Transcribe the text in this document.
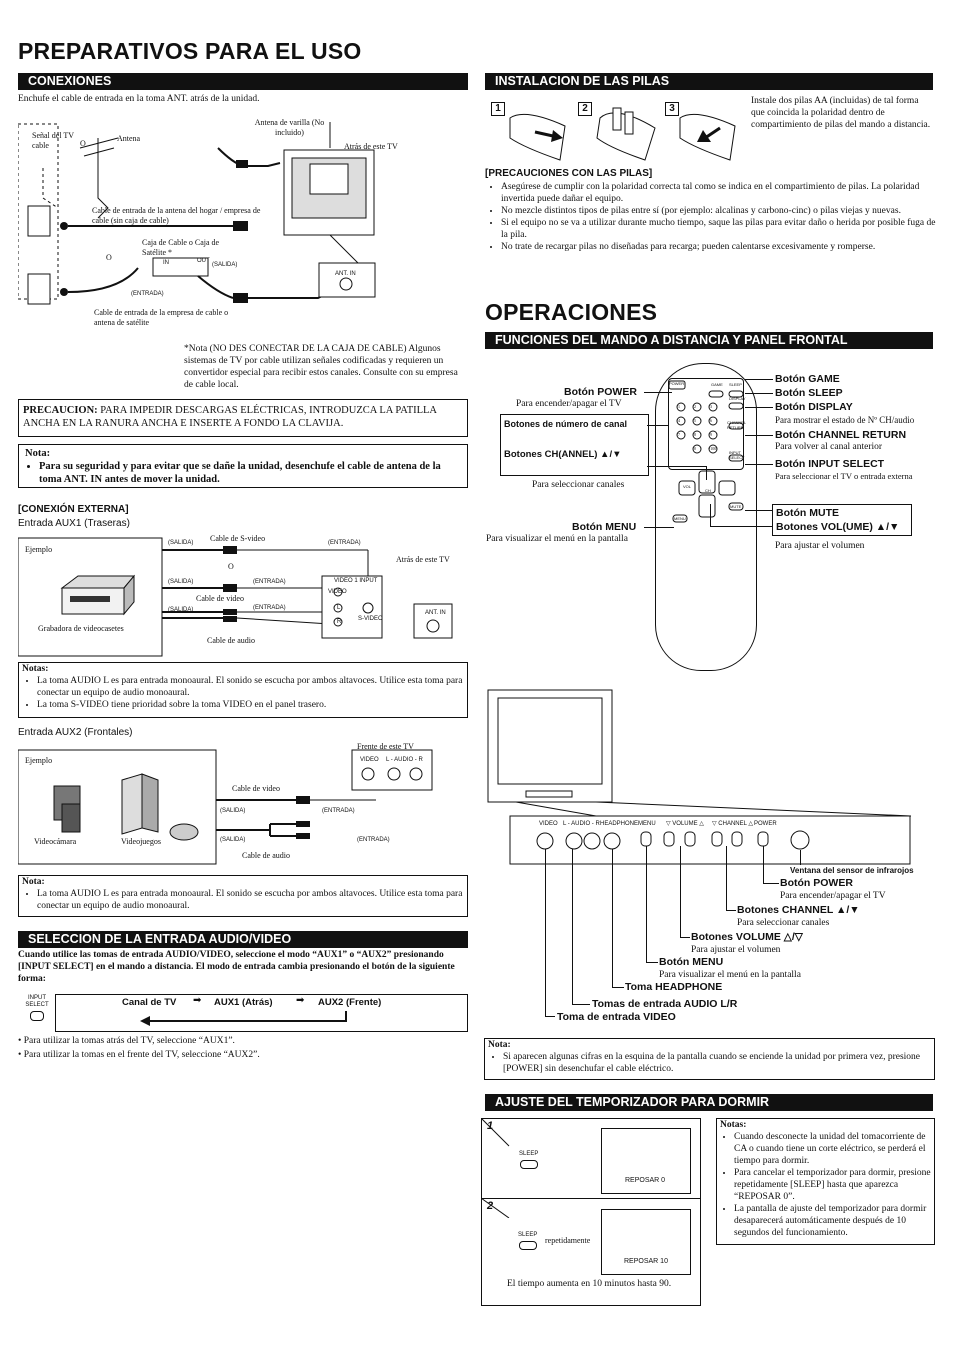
PREPARATIVOS PARA EL USO
CONEXIONES
Enchufe el cable de entrada en la toma ANT. atrás de la unidad.
Señal del TV cable	O
Antena
Antena de varilla (No incluido)
Atrás de este TV
Cable de entrada de la antena del hogar / empresa de cable (sin caja de cable)
Caja de Cable o Caja de Satélite *
O
(SALIDA)
(ENTRADA)
Cable de entrada de la empresa de cable o antena de satélite
ANT. IN
IN	OUT
*Nota (NO DES CONECTAR DE LA CAJA DE CABLE) Algunos sistemas de TV por cable utilizan señales codificadas y requieren un convertidor especial para recibir estos canales. Consulte con su empresa de cable local.
PRECAUCION: PARA IMPEDIR DESCARGAS ELÉCTRICAS, INTRODUZCA LA PATILLA ANCHA EN LA RANURA ANCHA E INSERTE A FONDO LA CLAVIJA.
Nota:
• Para su seguridad y para evitar que se dañe la unidad, desenchufe el cable de antena de la toma ANT. IN antes de mover la unidad.
[CONEXIÓN EXTERNA]
Entrada AUX1 (Traseras)
Ejemplo
Grabadora de videocasetes
(SALIDA) Cable de S-video	(ENTRADA)
Atrás de este TV
O
(SALIDA)	(ENTRADA)
Cable de video
(SALIDA)	(ENTRADA)
Cable de audio
VIDEO 1 INPUT
VIDEO
L
R	S-VIDEO
ANT. IN
Notas:
• La toma AUDIO L es para entrada monoaural. El sonido se escucha por ambos altavoces. Utilice esta toma para conectar un equipo de audio monoaural.
• La toma S-VIDEO tiene prioridad sobre la toma VIDEO en el panel trasero.
Entrada AUX2 (Frontales)
Frente de este TV
VIDEO L - AUDIO - R
Ejemplo
Videocámara	Videojuegos
Cable de video
(SALIDA)	(ENTRADA)
(SALIDA)	(ENTRADA)
Cable de audio
Nota:
• La toma AUDIO L es para entrada monoaural. El sonido se escucha por ambos altavoces. Utilice esta toma para conectar un equipo de audio monoaural.
SELECCION DE LA ENTRADA AUDIO/VIDEO
Cuando utilice las tomas de entrada AUDIO/VIDEO, seleccione el modo “AUX1” o “AUX2” presionando [INPUT SELECT] en el mando a distancia. El modo de entrada cambia presionando el botón de la siguiente forma:
INPUT SELECT	Canal de TV ➡ AUX1 (Atrás) ➡ AUX2 (Frente)
• Para utilizar la tomas atrás del TV, seleccione “AUX1”.
• Para utilizar la tomas en el frente del TV, seleccione “AUX2”.
INSTALACION DE LAS PILAS
1	2	3
Instale dos pilas AA (incluidas) de tal forma que coincida la polaridad dentro de compartimiento de pilas del mando a distancia.
[PRECAUCIONES CON LAS PILAS]
• Asegúrese de cumplir con la polaridad correcta tal como se indica en el compartimiento de pilas. La polaridad invertida puede dañar el equipo.
• No mezcle distintos tipos de pilas entre sí (por ejemplo: alcalinas y carbono-cinc) o pilas viejas y nuevas.
• Si el equipo no se va a utilizar durante mucho tiempo, saque las pilas para evitar daño o herida por posible fuga de la pila.
• No trate de recargar pilas no diseñadas para recarga; pueden calentarse excesivamente y romperse.
OPERACIONES
FUNCIONES DEL MANDO A DISTANCIA Y PANEL FRONTAL
POWER	GAME SLEEP
DISPLAY
1	2	3
4	5	6
7	8	9
0	+100
CHANNEL RETURN
INPUT SELECT
VOL
CH
MENU
MUTE
Botón POWER
Para encender/apagar el TV
Botones de número de canal
Botones CH(ANNEL) ▲/▼
Para seleccionar canales
Botón MENU
Para visualizar el menú en la pantalla
Botón GAME
Botón SLEEP
Botón DISPLAY
Para mostrar el estado de Nº CH/audio
Botón CHANNEL RETURN
Para volver al canal anterior
Botón INPUT SELECT
Para seleccionar el TV o entrada externa
Botón MUTE
Botones VOL(UME) ▲/▼
Para ajustar el volumen
VIDEO L - AUDIO - R HEADPHONE MENU ▽ VOLUME △ ▽ CHANNEL △ POWER
Ventana del sensor de infrarojos
Botón POWER
Para encender/apagar el TV
Botones CHANNEL ▲/▼
Para seleccionar canales
Botones VOLUME △/▽
Para ajustar el volumen
Botón MENU
Para visualizar el menú en la pantalla
Toma HEADPHONE
Tomas de entrada AUDIO L/R
Toma de entrada VIDEO
Nota:
• Si aparecen algunas cifras en la esquina de la pantalla cuando se enciende la unidad por primera vez, presione [POWER] sin desenchufar el cable eléctrico.
AJUSTE DEL TEMPORIZADOR PARA DORMIR
1
2
SLEEP
SLEEP
repetidamente
REPOSAR 0
REPOSAR 10
El tiempo aumenta en 10 minutos hasta 90.
Notas:
• Cuando desconecte la unidad del tomacorriente de CA o cuando tiene un corte eléctrico, se perderá el tiempo para dormir.
• Para cancelar el temporizador para dormir, presione repetidamente [SLEEP] hasta que aparezca “REPOSAR 0”.
• La pantalla de ajuste del temporizador para dormir desaparecerá automáticamente después de 10 segundos del funcionamiento.
